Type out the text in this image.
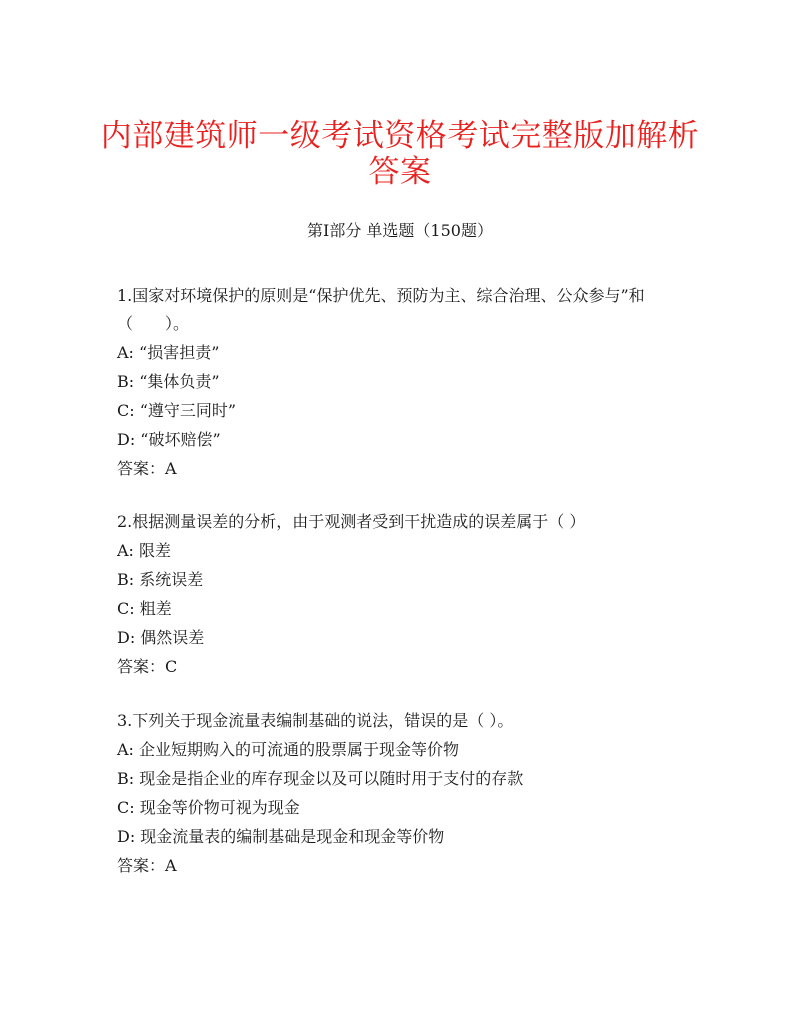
内部建筑师一级考试资格考试完整版加解析答案
第I部分 单选题（150题）

1.国家对环境保护的原则是“保护优先、预防为主、综合治理、公众参与”和（　　）。

A: “损害担责”

B: “集体负责”

C: “遵守三同时”

D: “破坏赔偿”

答案：A

2.根据测量误差的分析，由于观测者受到干扰造成的误差属于（ ）

A: 限差

B: 系统误差

C: 粗差

D: 偶然误差

答案：C

3.下列关于现金流量表编制基础的说法，错误的是（ ）。

A: 企业短期购入的可流通的股票属于现金等价物

B: 现金是指企业的库存现金以及可以随时用于支付的存款

C: 现金等价物可视为现金

D: 现金流量表的编制基础是现金和现金等价物

答案：A
